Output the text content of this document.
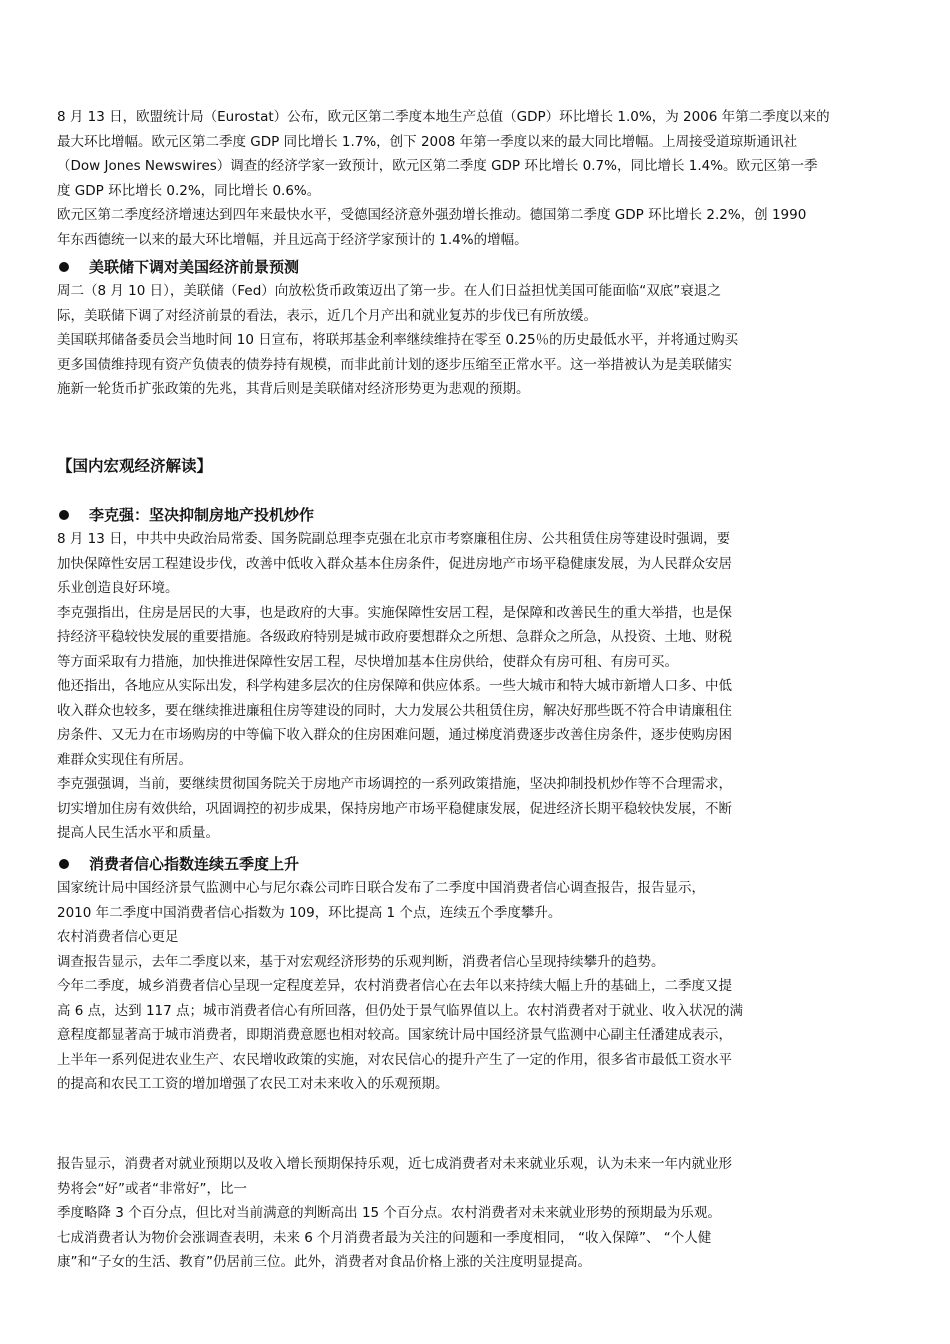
8 月 13 日，欧盟统计局（Eurostat）公布，欧元区第二季度本地生产总值（GDP）环比增长 1.0%，为 2006 年第二季度以来的
最大环比增幅。欧元区第二季度 GDP 同比增长 1.7%，创下 2008 年第一季度以来的最大同比增幅。上周接受道琼斯通讯社
（Dow Jones Newswires）调查的经济学家一致预计，欧元区第二季度 GDP 环比增长 0.7%，同比增长 1.4%。欧元区第一季
度 GDP 环比增长 0.2%，同比增长 0.6%。

欧元区第二季度经济增速达到四年来最快水平，受德国经济意外强劲增长推动。德国第二季度 GDP 环比增长 2.2%，创 1990
年东西德统一以来的最大环比增幅，并且远高于经济学家预计的 1.4%的增幅。

美联储下调对美国经济前景预测

周二（8 月 10 日），美联储（Fed）向放松货币政策迈出了第一步。在人们日益担忧美国可能面临“双底”衰退之
际，美联储下调了对经济前景的看法，表示，近几个月产出和就业复苏的步伐已有所放缓。

美国联邦储备委员会当地时间 10 日宣布，将联邦基金利率继续维持在零至 0.25％的历史最低水平，并将通过购买
更多国债维持现有资产负债表的债券持有规模，而非此前计划的逐步压缩至正常水平。这一举措被认为是美联储实
施新一轮货币扩张政策的先兆，其背后则是美联储对经济形势更为悲观的预期。

【国内宏观经济解读】

李克强：坚决抑制房地产投机炒作

8 月 13 日，中共中央政治局常委、国务院副总理李克强在北京市考察廉租住房、公共租赁住房等建设时强调，要
加快保障性安居工程建设步伐，改善中低收入群众基本住房条件，促进房地产市场平稳健康发展，为人民群众安居
乐业创造良好环境。

李克强指出，住房是居民的大事，也是政府的大事。实施保障性安居工程，是保障和改善民生的重大举措，也是保
持经济平稳较快发展的重要措施。各级政府特别是城市政府要想群众之所想、急群众之所急，从投资、土地、财税
等方面采取有力措施，加快推进保障性安居工程，尽快增加基本住房供给，使群众有房可租、有房可买。

他还指出，各地应从实际出发，科学构建多层次的住房保障和供应体系。一些大城市和特大城市新增人口多、中低
收入群众也较多，要在继续推进廉租住房等建设的同时，大力发展公共租赁住房，解决好那些既不符合申请廉租住
房条件、又无力在市场购房的中等偏下收入群众的住房困难问题，通过梯度消费逐步改善住房条件，逐步使购房困
难群众实现住有所居。

李克强强调，当前，要继续贯彻国务院关于房地产市场调控的一系列政策措施，坚决抑制投机炒作等不合理需求，
切实增加住房有效供给，巩固调控的初步成果，保持房地产市场平稳健康发展，促进经济长期平稳较快发展，不断
提高人民生活水平和质量。

消费者信心指数连续五季度上升

国家统计局中国经济景气监测中心与尼尔森公司昨日联合发布了二季度中国消费者信心调查报告，报告显示，
2010 年二季度中国消费者信心指数为 109，环比提高 1 个点，连续五个季度攀升。

农村消费者信心更足

调查报告显示，去年二季度以来，基于对宏观经济形势的乐观判断，消费者信心呈现持续攀升的趋势。

今年二季度，城乡消费者信心呈现一定程度差异，农村消费者信心在去年以来持续大幅上升的基础上，二季度又提
高 6 点，达到 117 点；城市消费者信心有所回落，但仍处于景气临界值以上。农村消费者对于就业、收入状况的满
意程度都显著高于城市消费者，即期消费意愿也相对较高。国家统计局中国经济景气监测中心副主任潘建成表示，
上半年一系列促进农业生产、农民增收政策的实施，对农民信心的提升产生了一定的作用，很多省市最低工资水平
的提高和农民工工资的增加增强了农民工对未来收入的乐观预期。

报告显示，消费者对就业预期以及收入增长预期保持乐观，近七成消费者对未来就业乐观，认为未来一年内就业形
势将会“好”或者“非常好”，比一

季度略降 3 个百分点，但比对当前满意的判断高出 15 个百分点。农村消费者对未来就业形势的预期最为乐观。

七成消费者认为物价会涨调查表明，未来 6 个月消费者最为关注的问题和一季度相同， “收入保障”、 “个人健
康”和“子女的生活、教育”仍居前三位。此外，消费者对食品价格上涨的关注度明显提高。
